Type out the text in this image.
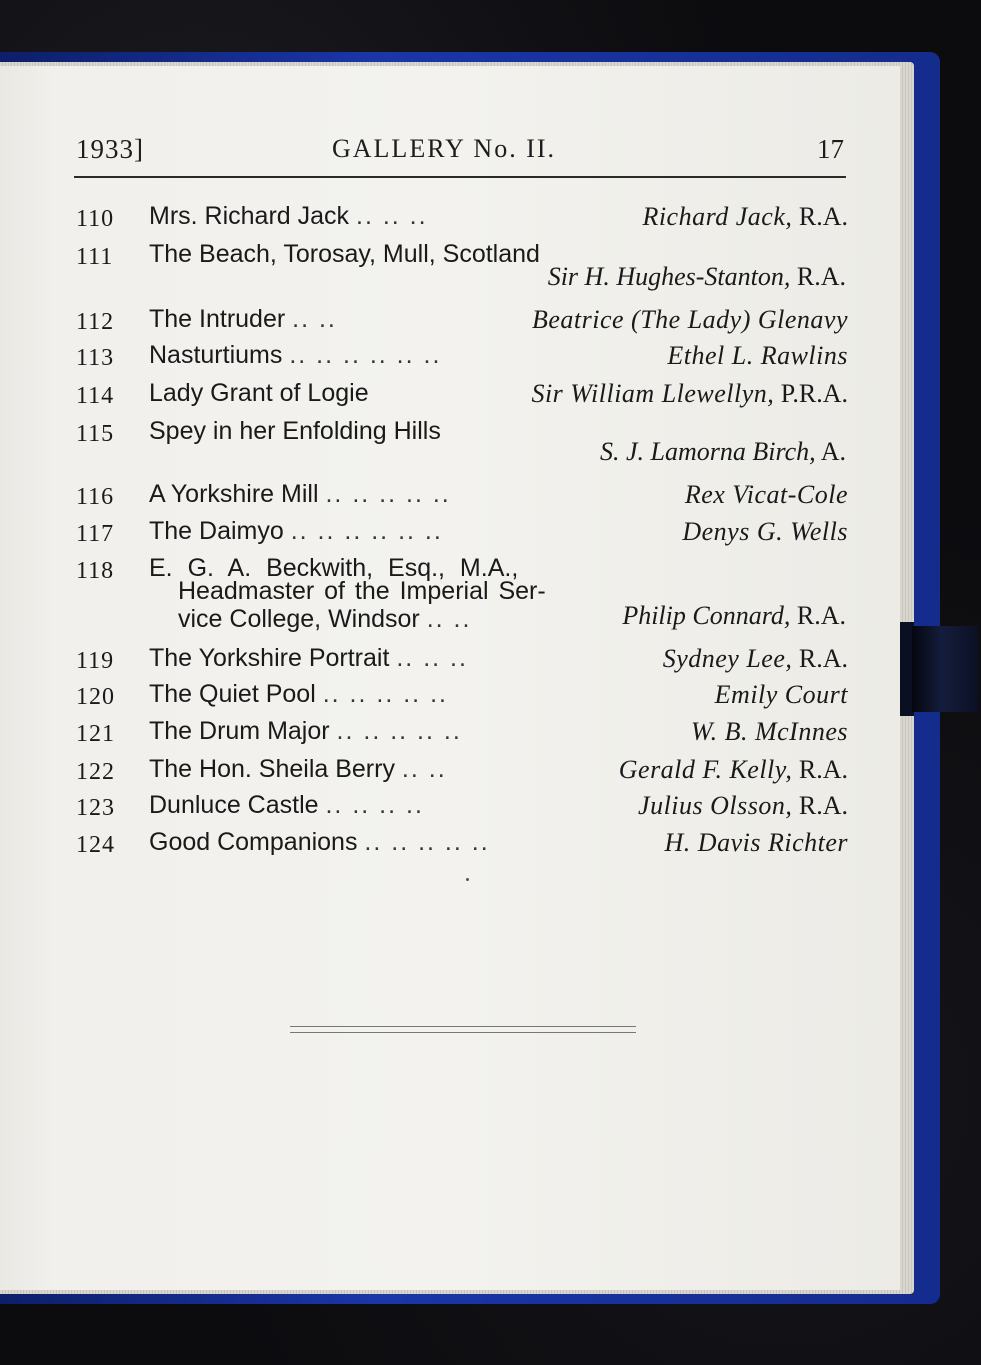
1933]	GALLERY No. II.	17
110 Mrs. Richard Jack .. .. ..	Richard Jack, R.A.
111 The Beach, Torosay, Mull, Scotland
Sir H. Hughes-Stanton, R.A.
112 The Intruder .. ..	Beatrice (The Lady) Glenavy
113 Nasturtiums .. .. .. .. .. ..	Ethel L. Rawlins
114 Lady Grant of Logie	Sir William Llewellyn, P.R.A.
115 Spey in her Enfolding Hills
S. J. Lamorna Birch, A.
116 A Yorkshire Mill .. .. .. .. ..	Rex Vicat-Cole
117 The Daimyo .. .. .. .. .. ..	Denys G. Wells
118 E. G. A. Beckwith, Esq., M.A.,
Headmaster of the Imperial Ser-
vice College, Windsor .. ..	Philip Connard, R.A.
119 The Yorkshire Portrait .. .. ..	Sydney Lee, R.A.
120 The Quiet Pool .. .. .. .. ..	Emily Court
121 The Drum Major .. .. .. .. ..	W. B. McInnes
122 The Hon. Sheila Berry .. ..	Gerald F. Kelly, R.A.
123 Dunluce Castle .. .. .. ..	Julius Olsson, R.A.
124 Good Companions .. .. .. .. ..	H. Davis Richter
